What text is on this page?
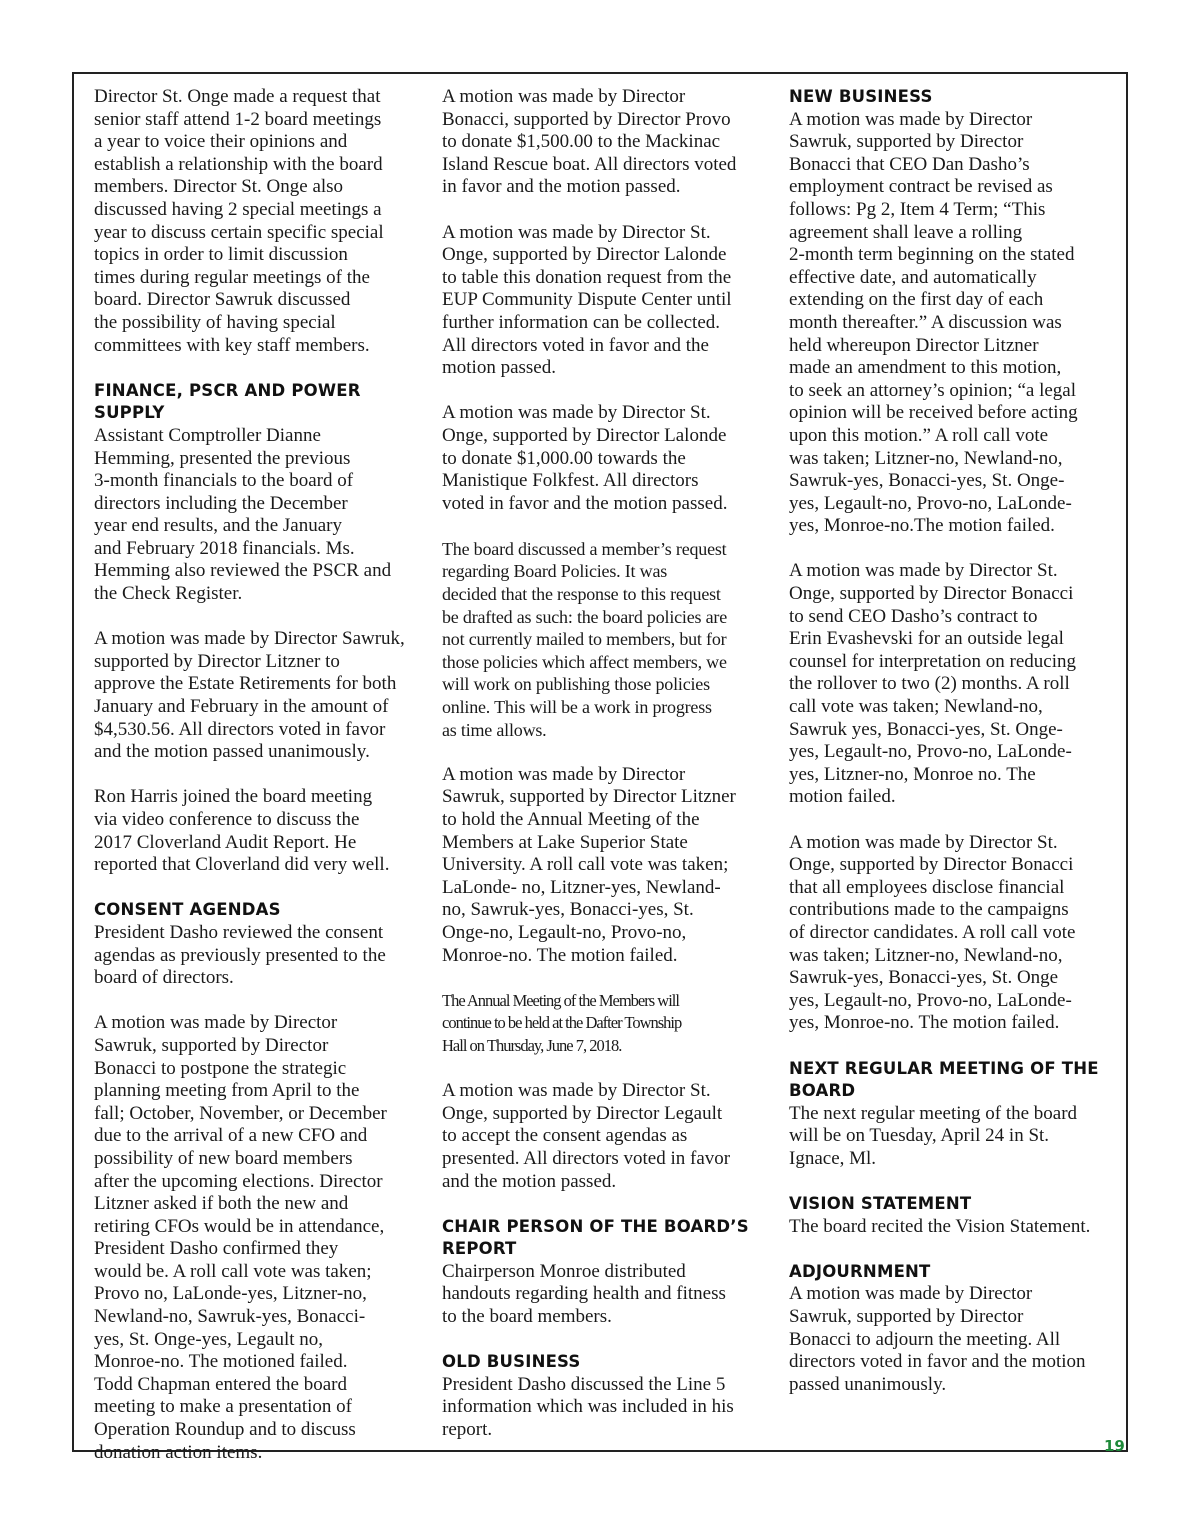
Director St. Onge made a request that
senior staff attend 1-2 board meetings
a year to voice their opinions and
establish a relationship with the board
members. Director St. Onge also
discussed having 2 special meetings a
year to discuss certain specific special
topics in order to limit discussion
times during regular meetings of the
board. Director Sawruk discussed
the possibility of having special
committees with key staff members.

FINANCE, PSCR AND POWER
SUPPLY

Assistant Comptroller Dianne
Hemming, presented the previous
3-month financials to the board of
directors including the December
year end results, and the January
and February 2018 financials. Ms.
Hemming also reviewed the PSCR and
the Check Register.

A motion was made by Director Sawruk,
supported by Director Litzner to
approve the Estate Retirements for both
January and February in the amount of
$4,530.56. All directors voted in favor
and the motion passed unanimously.

Ron Harris joined the board meeting
via video conference to discuss the
2017 Cloverland Audit Report. He
reported that Cloverland did very well.

CONSENT AGENDAS

President Dasho reviewed the consent
agendas as previously presented to the
board of directors.

A motion was made by Director
Sawruk, supported by Director
Bonacci to postpone the strategic
planning meeting from April to the
fall; October, November, or December
due to the arrival of a new CFO and
possibility of new board members
after the upcoming elections. Director
Litzner asked if both the new and
retiring CFOs would be in attendance,
President Dasho confirmed they
would be. A roll call vote was taken;
Provo no, LaLonde-yes, Litzner-no,
Newland-no, Sawruk-yes, Bonacci-
yes, St. Onge-yes, Legault no,
Monroe-no. The motioned failed.
Todd Chapman entered the board
meeting to make a presentation of
Operation Roundup and to discuss
donation action items.

A motion was made by Director
Bonacci, supported by Director Provo
to donate $1,500.00 to the Mackinac
Island Rescue boat. All directors voted
in favor and the motion passed.

A motion was made by Director St.
Onge, supported by Director Lalonde
to table this donation request from the
EUP Community Dispute Center until
further information can be collected.
All directors voted in favor and the
motion passed.

A motion was made by Director St.
Onge, supported by Director Lalonde
to donate $1,000.00 towards the
Manistique Folkfest. All directors
voted in favor and the motion passed.

The board discussed a member’s request
regarding Board Policies. It was
decided that the response to this request
be drafted as such: the board policies are
not currently mailed to members, but for
those policies which affect members, we
will work on publishing those policies
online. This will be a work in progress
as time allows.

A motion was made by Director
Sawruk, supported by Director Litzner
to hold the Annual Meeting of the
Members at Lake Superior State
University. A roll call vote was taken;
LaLonde- no, Litzner-yes, Newland-
no, Sawruk-yes, Bonacci-yes, St.
Onge-no, Legault-no, Provo-no,
Monroe-no. The motion failed.

The Annual Meeting of the Members will
continue to be held at the Dafter Township
Hall on Thursday, June 7, 2018.

A motion was made by Director St.
Onge, supported by Director Legault
to accept the consent agendas as
presented. All directors voted in favor
and the motion passed.

CHAIR PERSON OF THE BOARD’S
REPORT

Chairperson Monroe distributed
handouts regarding health and fitness
to the board members.

OLD BUSINESS

President Dasho discussed the Line 5
information which was included in his
report.

NEW BUSINESS

A motion was made by Director
Sawruk, supported by Director
Bonacci that CEO Dan Dasho’s
employment contract be revised as
follows: Pg 2, Item 4 Term; “This
agreement shall leave a rolling
2-month term beginning on the stated
effective date, and automatically
extending on the first day of each
month thereafter.” A discussion was
held whereupon Director Litzner
made an amendment to this motion,
to seek an attorney’s opinion; “a legal
opinion will be received before acting
upon this motion.” A roll call vote
was taken; Litzner-no, Newland-no,
Sawruk-yes, Bonacci-yes, St. Onge-
yes, Legault-no, Provo-no, LaLonde-
yes, Monroe-no.The motion failed.

A motion was made by Director St.
Onge, supported by Director Bonacci
to send CEO Dasho’s contract to
Erin Evashevski for an outside legal
counsel for interpretation on reducing
the rollover to two (2) months. A roll
call vote was taken; Newland-no,
Sawruk yes, Bonacci-yes, St. Onge-
yes, Legault-no, Provo-no, LaLonde-
yes, Litzner-no, Monroe no. The
motion failed.

A motion was made by Director St.
Onge, supported by Director Bonacci
that all employees disclose financial
contributions made to the campaigns
of director candidates. A roll call vote
was taken; Litzner-no, Newland-no,
Sawruk-yes, Bonacci-yes, St. Onge
yes, Legault-no, Provo-no, LaLonde-
yes, Monroe-no. The motion failed.

NEXT REGULAR MEETING OF THE
BOARD

The next regular meeting of the board
will be on Tuesday, April 24 in St.
Ignace, Ml.

VISION STATEMENT

The board recited the Vision Statement.

ADJOURNMENT

A motion was made by Director
Sawruk, supported by Director
Bonacci to adjourn the meeting. All
directors voted in favor and the motion
passed unanimously.

19
